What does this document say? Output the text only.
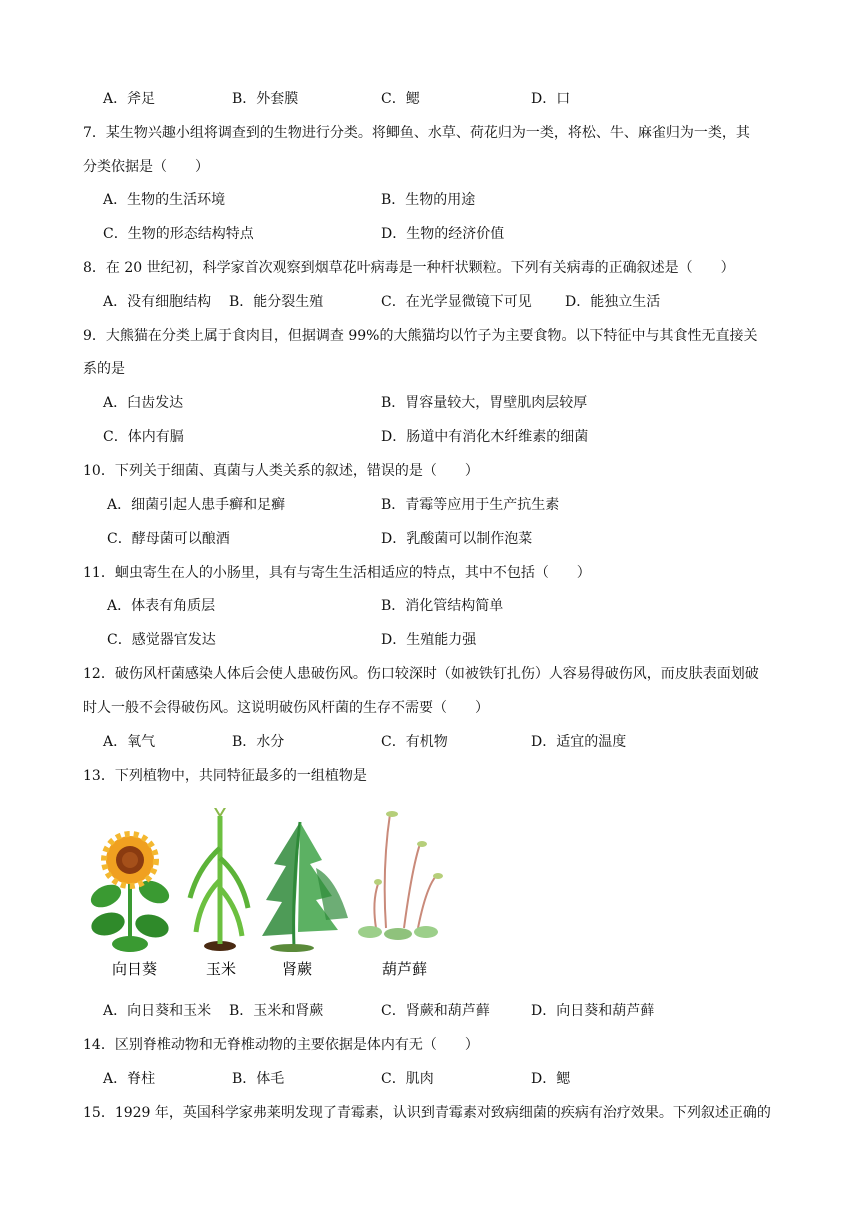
A．斧足	B．外套膜	C．鳃	D．口
7．某生物兴趣小组将调查到的生物进行分类。将鲫鱼、水草、荷花归为一类，将松、牛、麻雀归为一类，其
分类依据是（　　）
A．生物的生活环境	B．生物的用途
C．生物的形态结构特点	D．生物的经济价值
8．在 20 世纪初，科学家首次观察到烟草花叶病毒是一种杆状颗粒。下列有关病毒的正确叙述是（　　）
A．没有细胞结构 B．能分裂生殖	C．在光学显微镜下可见 D．能独立生活
9．大熊猫在分类上属于食肉目，但据调查 99%的大熊猫均以竹子为主要食物。以下特征中与其食性无直接关
系的是
A．臼齿发达	B．胃容量较大，胃壁肌肉层较厚
C．体内有膈	D．肠道中有消化木纤维素的细菌
10．下列关于细菌、真菌与人类关系的叙述，错误的是（　　）
A．细菌引起人患手癣和足癣	B．青霉等应用于生产抗生素
C．酵母菌可以酿酒	D．乳酸菌可以制作泡菜
11．蛔虫寄生在人的小肠里，具有与寄生生活相适应的特点，其中不包括（　　）
A．体表有角质层	B．消化管结构简单
C．感觉器官发达	D．生殖能力强
12．破伤风杆菌感染人体后会使人患破伤风。伤口较深时（如被铁钉扎伤）人容易得破伤风，而皮肤表面划破
时人一般不会得破伤风。这说明破伤风杆菌的生存不需要（　　）
A．氧气	B．水分	C．有机物	D．适宜的温度
13．下列植物中，共同特征最多的一组植物是
向日葵	玉米	肾蕨	葫芦藓
A．向日葵和玉米 B．玉米和肾蕨	C．肾蕨和葫芦藓	D．向日葵和葫芦藓
14．区别脊椎动物和无脊椎动物的主要依据是体内有无（　　）
A．脊柱	B．体毛	C．肌肉	D．鳃
15．1929 年，英国科学家弗莱明发现了青霉素，认识到青霉素对致病细菌的疾病有治疗效果。下列叙述正确的
